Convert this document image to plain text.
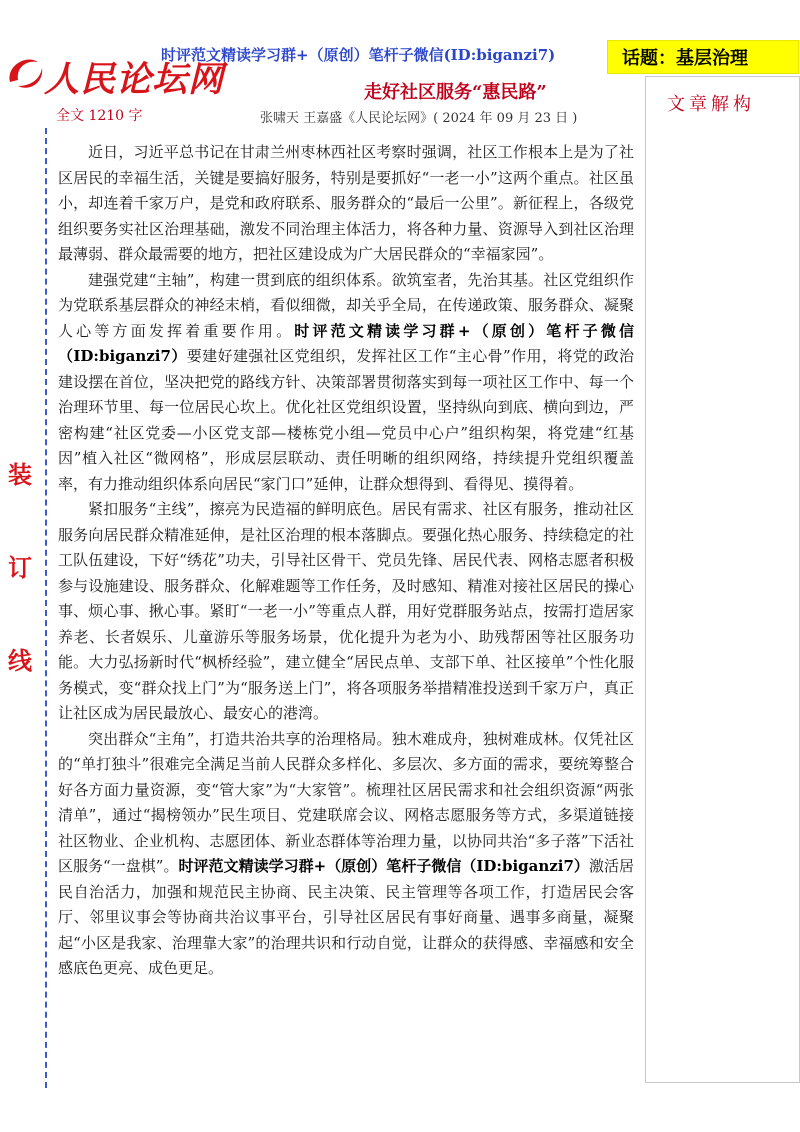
人民论坛网
时评范文精读学习群+（原创）笔杆子微信(ID:biganzi7)	话题：基层治理
走好社区服务“惠民路”
全文 1210 字	张啸天 王嘉盛《人民论坛网》( 2024 年 09 月 23 日 )
文章解构
装
订
线

近日，习近平总书记在甘肃兰州枣林西社区考察时强调，社区工作根本上是为了社区居民的幸福生活，关键是要搞好服务，特别是要抓好“一老一小”这两个重点。社区虽小，却连着千家万户，是党和政府联系、服务群众的“最后一公里”。新征程上，各级党组织要务实社区治理基础，激发不同治理主体活力，将各种力量、资源导入到社区治理最薄弱、群众最需要的地方，把社区建设成为广大居民群众的“幸福家园”。

建强党建“主轴”，构建一贯到底的组织体系。欲筑室者，先治其基。社区党组织作为党联系基层群众的神经末梢，看似细微，却关乎全局，在传递政策、服务群众、凝聚人心等方面发挥着重要作用。时评范文精读学习群+（原创）笔杆子微信（ID:biganzi7）要建好建强社区党组织，发挥社区工作“主心骨”作用，将党的政治建设摆在首位，坚决把党的路线方针、决策部署贯彻落实到每一项社区工作中、每一个治理环节里、每一位居民心坎上。优化社区党组织设置，坚持纵向到底、横向到边，严密构建“社区党委—小区党支部—楼栋党小组—党员中心户”组织构架，将党建“红基因”植入社区“微网格”，形成层层联动、责任明晰的组织网络，持续提升党组织覆盖率，有力推动组织体系向居民“家门口”延伸，让群众想得到、看得见、摸得着。

紧扣服务“主线”，擦亮为民造福的鲜明底色。居民有需求、社区有服务，推动社区服务向居民群众精准延伸，是社区治理的根本落脚点。要强化热心服务、持续稳定的社工队伍建设，下好“绣花”功夫，引导社区骨干、党员先锋、居民代表、网格志愿者积极参与设施建设、服务群众、化解难题等工作任务，及时感知、精准对接社区居民的操心事、烦心事、揪心事。紧盯“一老一小”等重点人群，用好党群服务站点，按需打造居家养老、长者娱乐、儿童游乐等服务场景，优化提升为老为小、助残帮困等社区服务功能。大力弘扬新时代“枫桥经验”，建立健全“居民点单、支部下单、社区接单”个性化服务模式，变“群众找上门”为“服务送上门”，将各项服务举措精准投送到千家万户，真正让社区成为居民最放心、最安心的港湾。

突出群众“主角”，打造共治共享的治理格局。独木难成舟，独树难成林。仅凭社区的“单打独斗”很难完全满足当前人民群众多样化、多层次、多方面的需求，要统筹整合好各方面力量资源，变“管大家”为“大家管”。梳理社区居民需求和社会组织资源“两张清单”，通过“揭榜领办”民生项目、党建联席会议、网格志愿服务等方式，多渠道链接社区物业、企业机构、志愿团体、新业态群体等治理力量，以协同共治“多子落”下活社区服务“一盘棋”。时评范文精读学习群+（原创）笔杆子微信（ID:biganzi7）激活居民自治活力，加强和规范民主协商、民主决策、民主管理等各项工作，打造居民会客厅、邻里议事会等协商共治议事平台，引导社区居民有事好商量、遇事多商量，凝聚起“小区是我家、治理靠大家”的治理共识和行动自觉，让群众的获得感、幸福感和安全感底色更亮、成色更足。
